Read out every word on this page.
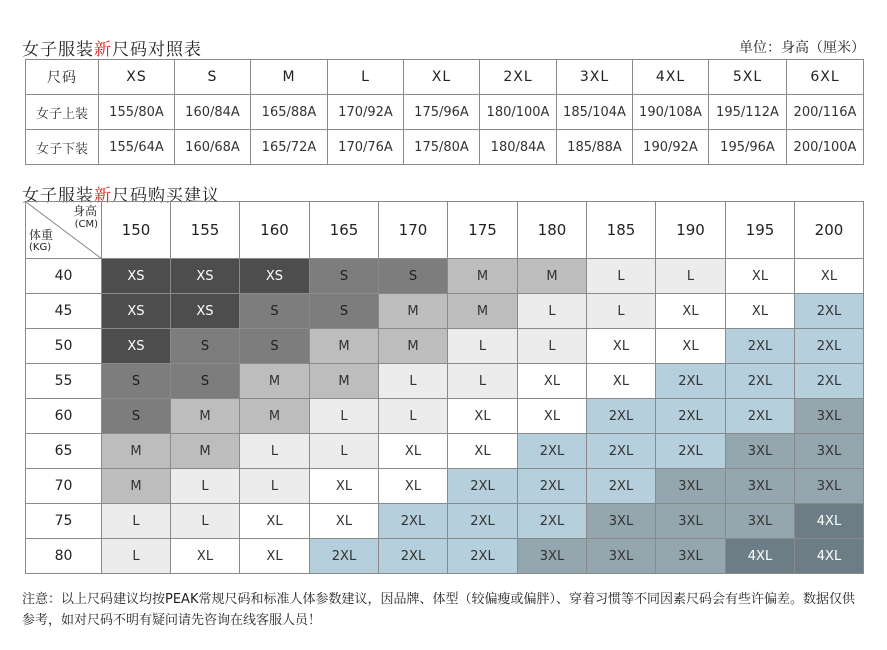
女子服装新尺码对照表	单位：身高（厘米）
尺码	XS	S	M	L	XL	2XL	3XL	4XL	5XL	6XL
女子上装	155/80A	160/84A	165/88A	170/92A	175/96A	180/100A	185/104A	190/108A	195/112A	200/116A
女子下装	155/64A	160/68A	165/72A	170/76A	175/80A	180/84A	185/88A	190/92A	195/96A	200/100A
女子服装新尺码购买建议
身高
(CM)
体重
(KG)	150	155	160	165	170	175	180	185	190	195	200
40	XS	XS	XS	S	S	M	M	L	L	XL	XL
45	XS	XS	S	S	M	M	L	L	XL	XL	2XL
50	XS	S	S	M	M	L	L	XL	XL	2XL	2XL
55	S	S	M	M	L	L	XL	XL	2XL	2XL	2XL
60	S	M	M	L	L	XL	XL	2XL	2XL	2XL	3XL
65	M	M	L	L	XL	XL	2XL	2XL	2XL	3XL	3XL
70	M	L	L	XL	XL	2XL	2XL	2XL	3XL	3XL	3XL
75	L	L	XL	XL	2XL	2XL	2XL	3XL	3XL	3XL	4XL
80	L	XL	XL	2XL	2XL	2XL	3XL	3XL	3XL	4XL	4XL
注意：以上尺码建议均按PEAK常规尺码和标准人体参数建议，因品牌、体型（较偏瘦或偏胖）、穿着习惯等不同因素尺码会有些许偏差。数据仅供参考，如对尺码不明有疑问请先咨询在线客服人员！
